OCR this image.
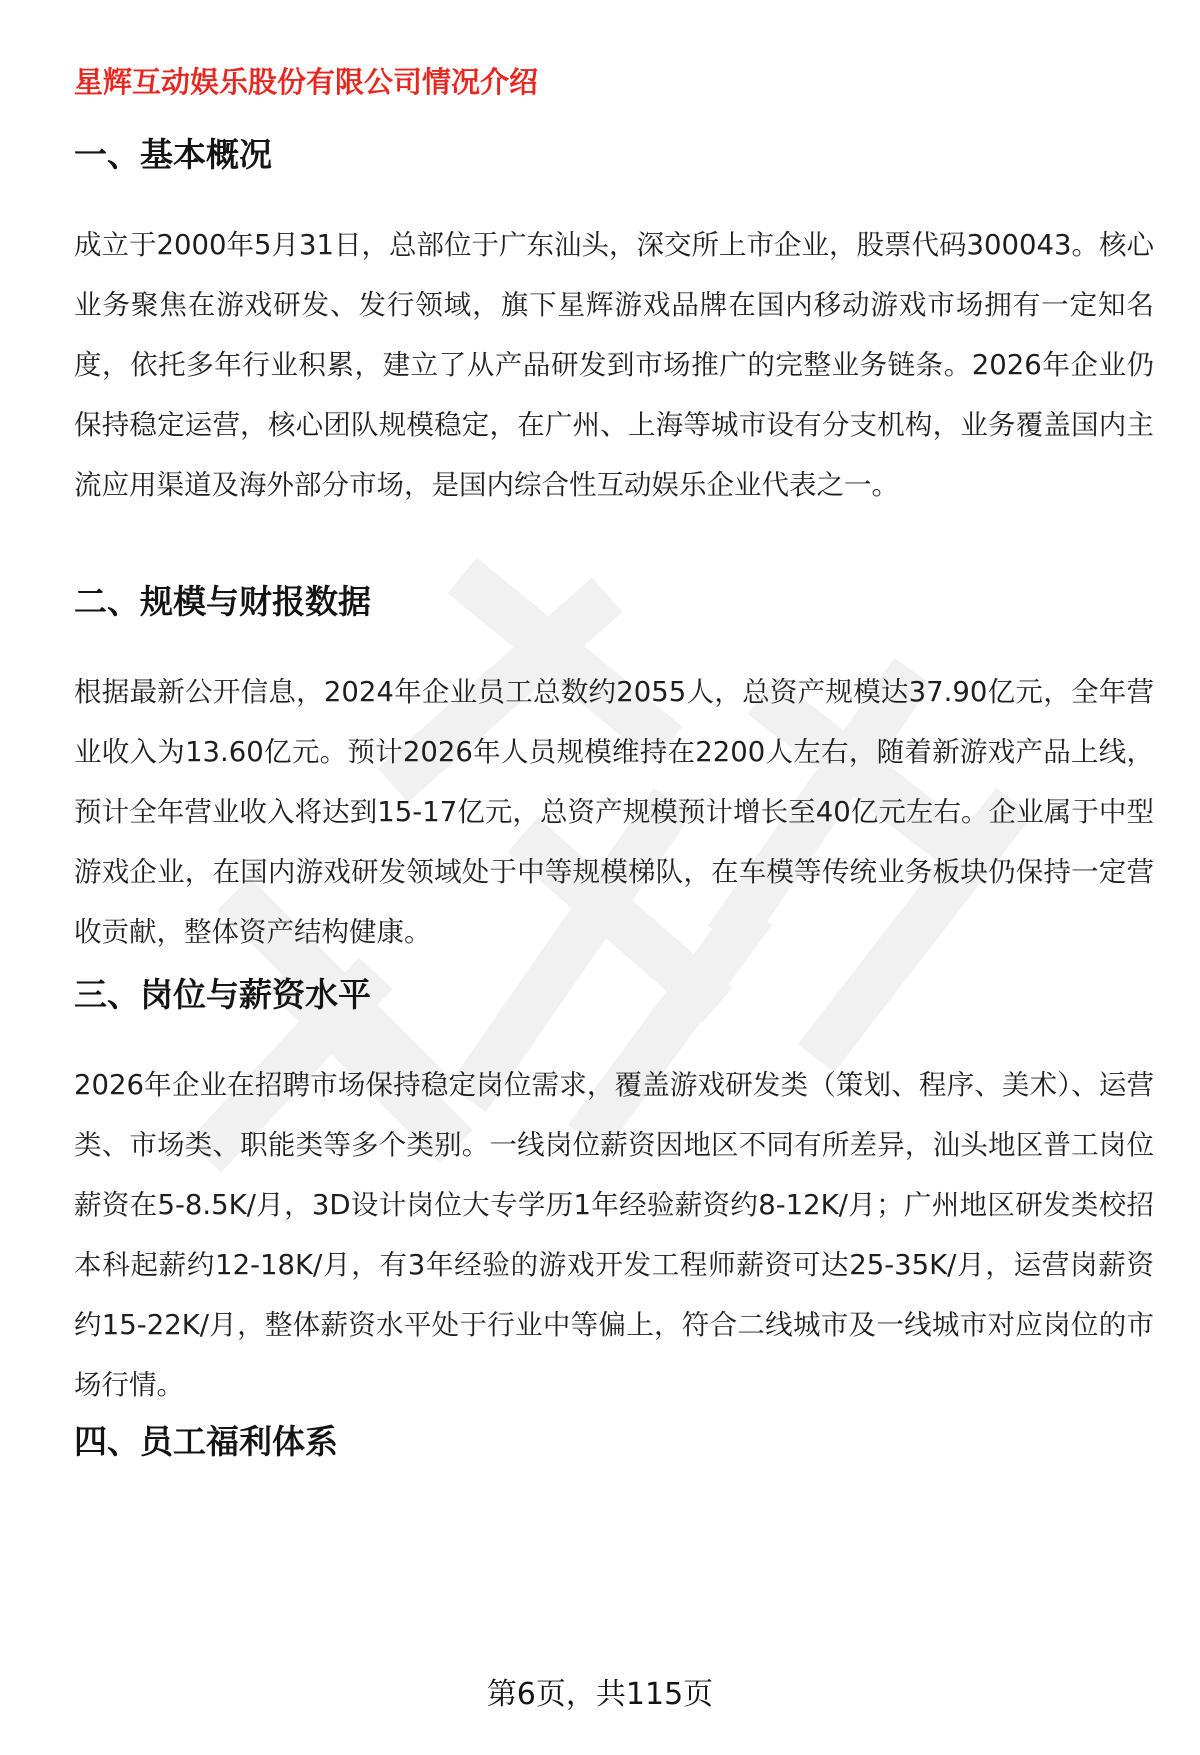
星辉互动娱乐股份有限公司情况介绍
一、基本概况

成立于2000年5月31日，总部位于广东汕头，深交所上市企业，股票代码300043。核心业务聚焦在游戏研发、发行领域，旗下星辉游戏品牌在国内移动游戏市场拥有一定知名度，依托多年行业积累，建立了从产品研发到市场推广的完整业务链条。2026年企业仍保持稳定运营，核心团队规模稳定，在广州、上海等城市设有分支机构，业务覆盖国内主流应用渠道及海外部分市场，是国内综合性互动娱乐企业代表之一。

二、规模与财报数据

根据最新公开信息，2024年企业员工总数约2055人，总资产规模达37.90亿元，全年营业收入为13.60亿元。预计2026年人员规模维持在2200人左右，随着新游戏产品上线，预计全年营业收入将达到15-17亿元，总资产规模预计增长至40亿元左右。企业属于中型游戏企业，在国内游戏研发领域处于中等规模梯队，在车模等传统业务板块仍保持一定营收贡献，整体资产结构健康。

三、岗位与薪资水平

2026年企业在招聘市场保持稳定岗位需求，覆盖游戏研发类（策划、程序、美术）、运营类、市场类、职能类等多个类别。一线岗位薪资因地区不同有所差异，汕头地区普工岗位薪资在5-8.5K/月，3D设计岗位大专学历1年经验薪资约8-12K/月；广州地区研发类校招本科起薪约12-18K/月，有3年经验的游戏开发工程师薪资可达25-35K/月，运营岗薪资约15-22K/月，整体薪资水平处于行业中等偏上，符合二线城市及一线城市对应岗位的市场行情。

四、员工福利体系
第6页，共115页
